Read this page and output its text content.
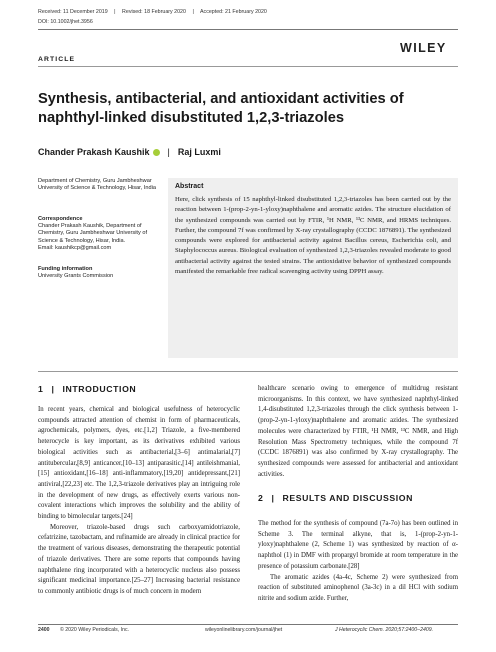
Received: 11 December 2019 | Revised: 18 February 2020 | Accepted: 21 February 2020
DOI: 10.1002/jhet.3956
WILEY
ARTICLE
Synthesis, antibacterial, and antioxidant activities of naphthyl-linked disubstituted 1,2,3-triazoles
Chander Prakash Kaushik | Raj Luxmi
Department of Chemistry, Guru Jambheshwar University of Science & Technology, Hisar, India
Correspondence
Chander Prakash Kaushik, Department of Chemistry, Guru Jambheshwar University of Science & Technology, Hisar, India.
Email: kaushikcp@gmail.com
Funding information
University Grants Commission
Abstract
Here, click synthesis of 15 naphthyl-linked disubstituted 1,2,3-triazoles has been carried out by the reaction between 1-(prop-2-yn-1-yloxy)naphthalene and aromatic azides. The structure elucidation of the synthesized compounds was carried out by FTIR, ¹H NMR, ¹³C NMR, and HRMS techniques. Further, the compound 7f was confirmed by X-ray crystallography (CCDC 1876891). The synthesized compounds were explored for antibacterial activity against Bacillus cereus, Escherichia coli, and Staphylococcus aureus. Biological evaluation of synthesized 1,2,3-triazoles revealed moderate to good antibacterial activity against the tested strains. The antioxidative behavior of synthesized compounds manifested the remarkable free radical scavenging activity using DPPH assay.
1 | INTRODUCTION

In recent years, chemical and biological usefulness of heterocyclic compounds attracted attention of chemist in form of pharmaceuticals, agrochemicals, polymers, dyes, etc.[1,2] Triazole, a five-membered heterocycle is key important, as its derivatives exhibited various biological activities such as antibacterial,[3–6] antimalarial,[7] antitubercular,[8,9] anticancer,[10–13] antiparasitic,[14] antileishmanial,[15] antioxidant,[16–18] anti-inflammatory,[19,20] antidepressant,[21] antiviral,[22,23] etc. The 1,2,3-triazole derivatives play an intriguing role in the development of new drugs, as effectively exerts various non-covalent interactions which improves the solubility and the ability of binding to bimolecular targets.[24]

Moreover, triazole-based drugs such carboxyamidotriazole, cefatrizine, tazobactam, and rufinamide are already in clinical practice for the treatment of various diseases, demonstrating the therapeutic potential of triazole derivatives. There are some reports that compounds having naphthalene ring incorporated with a heterocyclic nucleus also possess significant medicinal importance.[25–27] Increasing bacterial resistance to commonly antibiotic drugs is of much concern in modern

healthcare scenario owing to emergence of multidrug resistant microorganisms. In this context, we have synthesized naphthyl-linked 1,4-disubstituted 1,2,3-triazoles through the click synthesis between 1-(prop-2-yn-1-yloxy)naphthalene and aromatic azides. The synthesized molecules were characterized by FTIR, ¹H NMR, ¹³C NMR, and High Resolution Mass Spectrometry techniques, while the compound 7f (CCDC 1876891) was also confirmed by X-ray crystallography. The synthesized compounds were assessed for antibacterial and antioxidant activities.

2 | RESULTS AND DISCUSSION

The method for the synthesis of compound (7a-7o) has been outlined in Scheme 3. The terminal alkyne, that is, 1-(prop-2-yn-1-yloxy)naphthalene (2, Scheme 1) was synthesized by reaction of α-naphthol (1) in DMF with propargyl bromide at room temperature in the presence of potassium carbonate.[28]

The aromatic azides (4a-4c, Scheme 2) were synthesized from reaction of substituted aminophenol (3a-3c) in a dil HCl with sodium nitrite and sodium azide. Further,

2400 © 2020 Wiley Periodicals, Inc.	wileyonlinelibrary.com/journal/jhet	J Heterocyclic Chem. 2020;57:2400–2409.
